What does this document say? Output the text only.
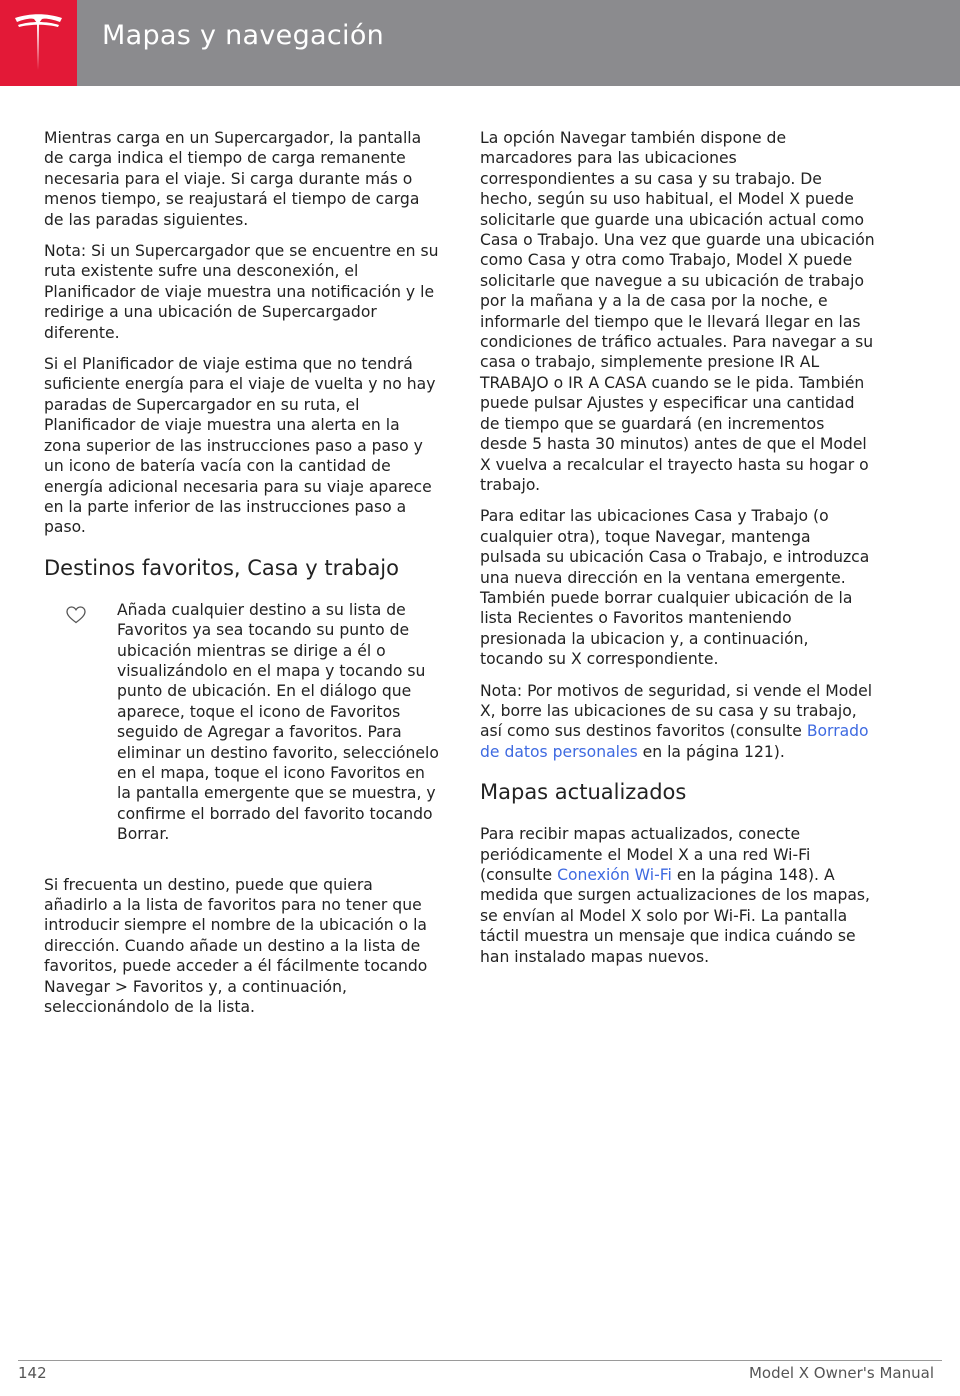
Mapas y navegación

Mientras carga en un Supercargador, la pantalla de carga indica el tiempo de carga remanente necesaria para el viaje. Si carga durante más o menos tiempo, se reajustará el tiempo de carga de las paradas siguientes.

Nota: Si un Supercargador que se encuentre en su ruta existente sufre una desconexión, el Planificador de viaje muestra una notificación y le redirige a una ubicación de Supercargador diferente.

Si el Planificador de viaje estima que no tendrá suficiente energía para el viaje de vuelta y no hay paradas de Supercargador en su ruta, el Planificador de viaje muestra una alerta en la zona superior de las instrucciones paso a paso y un icono de batería vacía con la cantidad de energía adicional necesaria para su viaje aparece en la parte inferior de las instrucciones paso a paso.

Destinos favoritos, Casa y trabajo

Añada cualquier destino a su lista de Favoritos ya sea tocando su punto de ubicación mientras se dirige a él o visualizándolo en el mapa y tocando su punto de ubicación. En el diálogo que aparece, toque el icono de Favoritos seguido de Agregar a favoritos. Para eliminar un destino favorito, selecciónelo en el mapa, toque el icono Favoritos en la pantalla emergente que se muestra, y confirme el borrado del favorito tocando Borrar.

Si frecuenta un destino, puede que quiera añadirlo a la lista de favoritos para no tener que introducir siempre el nombre de la ubicación o la dirección. Cuando añade un destino a la lista de favoritos, puede acceder a él fácilmente tocando Navegar > Favoritos y, a continuación, seleccionándolo de la lista.

La opción Navegar también dispone de marcadores para las ubicaciones correspondientes a su casa y su trabajo. De hecho, según su uso habitual, el Model X puede solicitarle que guarde una ubicación actual como Casa o Trabajo. Una vez que guarde una ubicación como Casa y otra como Trabajo, Model X puede solicitarle que navegue a su ubicación de trabajo por la mañana y a la de casa por la noche, e informarle del tiempo que le llevará llegar en las condiciones de tráfico actuales. Para navegar a su casa o trabajo, simplemente presione IR AL TRABAJO o IR A CASA cuando se le pida. También puede pulsar Ajustes y especificar una cantidad de tiempo que se guardará (en incrementos desde 5 hasta 30 minutos) antes de que el Model X vuelva a recalcular el trayecto hasta su hogar o trabajo.

Para editar las ubicaciones Casa y Trabajo (o cualquier otra), toque Navegar, mantenga pulsada su ubicación Casa o Trabajo, e introduzca una nueva dirección en la ventana emergente. También puede borrar cualquier ubicación de la lista Recientes o Favoritos manteniendo presionada la ubicacion y, a continuación, tocando su X correspondiente.

Nota: Por motivos de seguridad, si vende el Model X, borre las ubicaciones de su casa y su trabajo, así como sus destinos favoritos (consulte Borrado de datos personales en la página 121).

Mapas actualizados

Para recibir mapas actualizados, conecte periódicamente el Model X a una red Wi-Fi (consulte Conexión Wi-Fi en la página 148). A medida que surgen actualizaciones de los mapas, se envían al Model X solo por Wi-Fi. La pantalla táctil muestra un mensaje que indica cuándo se han instalado mapas nuevos.

142	Model X Owner's Manual
